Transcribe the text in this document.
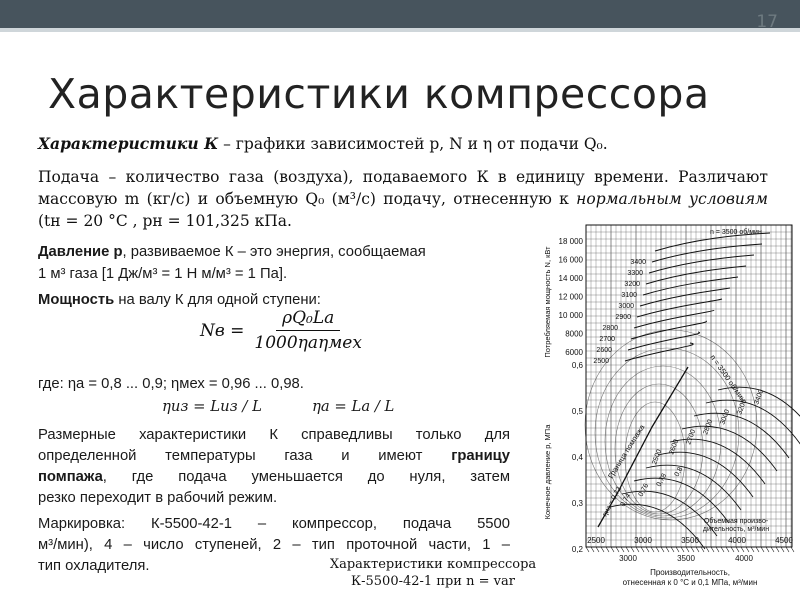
17
Характеристики компрессора
Характеристики К – графики зависимостей p, N и η от подачи Q₀.
Подача – количество газа (воздуха), подаваемого К в единицу времени. Различают массовую m (кг/с) и объемную Q₀ (м³/с) подачу, отнесенную к нормальным условиям (tн = 20 °С , pн = 101,325 кПа.
Давление p, развиваемое К – это энергия, сообщаемая
1 м³ газа [1 Дж/м³ = 1 Н м/м³ = 1 Па].
Мощность на валу К для одной ступени:
Nв = $\frac{\text{ρQ₀Lа}}{\text{1000ηаηмех}}$
где: ηа = 0,8 ... 0,9; ηмех = 0,96 ... 0,98.
ηиз = Lиз / L	ηа = Lа / L
Размерные характеристики К справедливы только для
определенной температуры газа и имеют границу
помпажа, где подача уменьшается до нуля, затем
резко переходит в рабочий режим.
Маркировка: К-5500-42-1 – компрессор, подача 5500
м³/мин), 4 – число ступеней, 2 – тип проточной части, 1 –
тип охладителя.	Характеристики компрессора
К-5500-42-1 при n = var
18 000
16 000
14 000
12 000
10 000
8000
6000
0,6
0,5
0,4
0,3
0,2
Потребляемая мощность N, кВт
Конечное давление p, МПа
n = 3500 об/мин
3400
3300
3200
3100
3000
2900
2800
2700
2600
2500
Граница помпажа
ηиз = 0,72
0,74
0,76
0,78
0,8
n = 3500 об/мин 3400
3200
3000
2800
2700
2600
2500
Объемная произво-
дительность, м³/мин
2500	3000	3500	4000	4500
3000	3500	4000
Производительность,
отнесенная к 0 °С и 0,1 МПа, м³/мин
